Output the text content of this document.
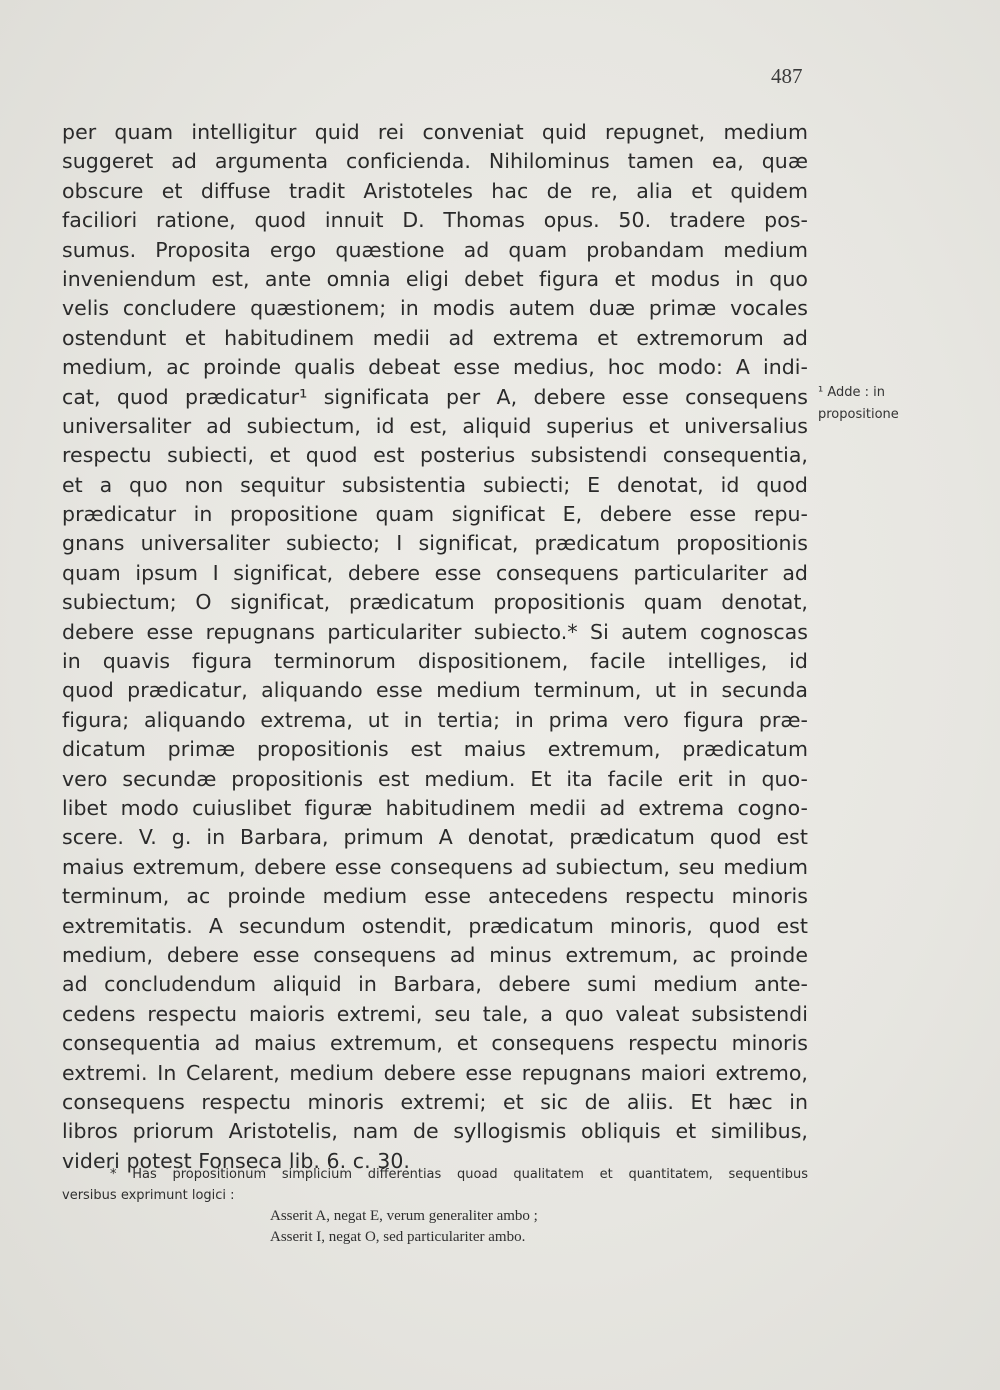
487
per quam intelligitur quid rei conveniat quid repugnet, medium
suggeret ad argumenta conficienda. Nihilominus tamen ea, quæ
obscure et diffuse tradit Aristoteles hac de re, alia et quidem
faciliori ratione, quod innuit D. Thomas opus. 50. tradere pos-
sumus. Proposita ergo quæstione ad quam probandam medium
inveniendum est, ante omnia eligi debet figura et modus in quo
velis concludere quæstionem; in modis autem duæ primæ vocales
ostendunt et habitudinem medii ad extrema et extremorum ad
medium, ac proinde qualis debeat esse medius, hoc modo: A indi-
cat, quod prædicatur¹ significata per A, debere esse consequens
universaliter ad subiectum, id est, aliquid superius et universalius
respectu subiecti, et quod est posterius subsistendi consequentia,
et a quo non sequitur subsistentia subiecti; E denotat, id quod
prædicatur in propositione quam significat E, debere esse repu-
gnans universaliter subiecto; I significat, prædicatum propositionis
quam ipsum I significat, debere esse consequens particulariter ad
subiectum; O significat, prædicatum propositionis quam denotat,
debere esse repugnans particulariter subiecto.* Si autem cognoscas
in quavis figura terminorum dispositionem, facile intelliges, id
quod prædicatur, aliquando esse medium terminum, ut in secunda
figura; aliquando extrema, ut in tertia; in prima vero figura præ-
dicatum primæ propositionis est maius extremum, prædicatum
vero secundæ propositionis est medium. Et ita facile erit in quo-
libet modo cuiuslibet figuræ habitudinem medii ad extrema cogno-
scere. V. g. in Barbara, primum A denotat, prædicatum quod est
maius extremum, debere esse consequens ad subiectum, seu medium
terminum, ac proinde medium esse antecedens respectu minoris
extremitatis. A secundum ostendit, prædicatum minoris, quod est
medium, debere esse consequens ad minus extremum, ac proinde
ad concludendum aliquid in Barbara, debere sumi medium ante-
cedens respectu maioris extremi, seu tale, a quo valeat subsistendi
consequentia ad maius extremum, et consequens respectu minoris
extremi. In Celarent, medium debere esse repugnans maiori extremo,
consequens respectu minoris extremi; et sic de aliis. Et hæc in
libros priorum Aristotelis, nam de syllogismis obliquis et similibus,
videri potest Fonseca lib. 6. c. 30.
¹ Adde : in
propositione
* Has propositionum simplicium differentias quoad qualitatem et quantitatem, sequentibus
versibus exprimunt logici :
Asserit A, negat E, verum generaliter ambo ;
Asserit I, negat O, sed particulariter ambo.
